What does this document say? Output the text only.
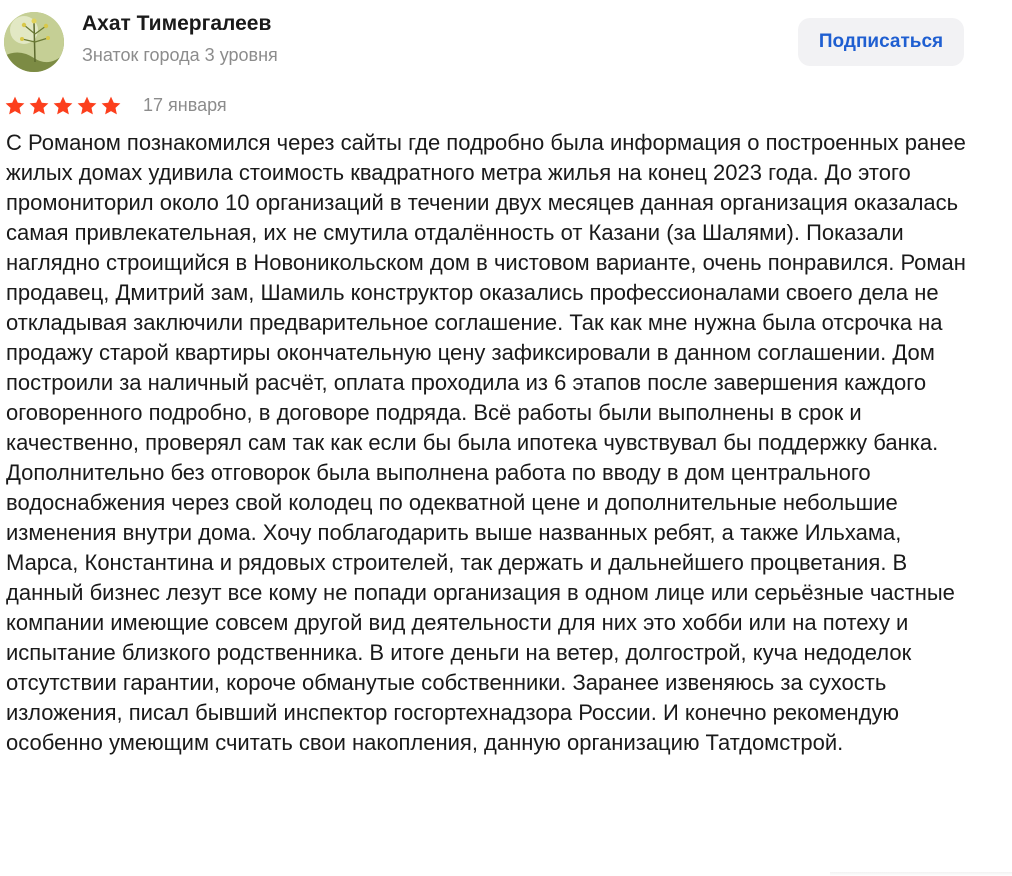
Ахат Тимергалеев
Знаток города 3 уровня
Подписаться
17 января

С Романом познакомился через сайты где подробно была информация о построенных ранее жилых домах удивила стоимость квадратного метра жилья на конец 2023 года. До этого промониторил около 10 организаций в течении двух месяцев данная организация оказалась самая привлекательная, их не смутила отдалённость от Казани (за Шалями). Показали наглядно строищийся в Новоникольском дом в чистовом варианте, очень понравился. Роман продавец, Дмитрий зам, Шамиль конструктор оказались профессионалами своего дела не откладывая заключили предварительное соглашение. Так как мне нужна была отсрочка на продажу старой квартиры окончательную цену зафиксировали в данном соглашении. Дом построили за наличный расчёт, оплата проходила из 6 этапов после завершения каждого оговоренного подробно, в договоре подряда. Всё работы были выполнены в срок и качественно, проверял сам так как если бы была ипотека чувствувал бы поддержку банка. Дополнительно без отговорок была выполнена работа по вводу в дом центрального водоснабжения через свой колодец по одекватной цене и дополнительные небольшие изменения внутри дома. Хочу поблагодарить выше названных ребят, а также Ильхама, Марса, Константина и рядовых строителей, так держать и дальнейшего процветания. В данный бизнес лезут все кому не попади организация в одном лице или серьёзные частные компании имеющие совсем другой вид деятельности для них это хобби или на потеху и испытание близкого родственника. В итоге деньги на ветер, долгострой, куча недоделок отсутствии гарантии, короче обманутые собственники. Заранее извеняюсь за сухость изложения, писал бывший инспектор госгортехнадзора России. И конечно рекомендую особенно умеющим считать свои накопления, данную организацию Татдомстрой.
